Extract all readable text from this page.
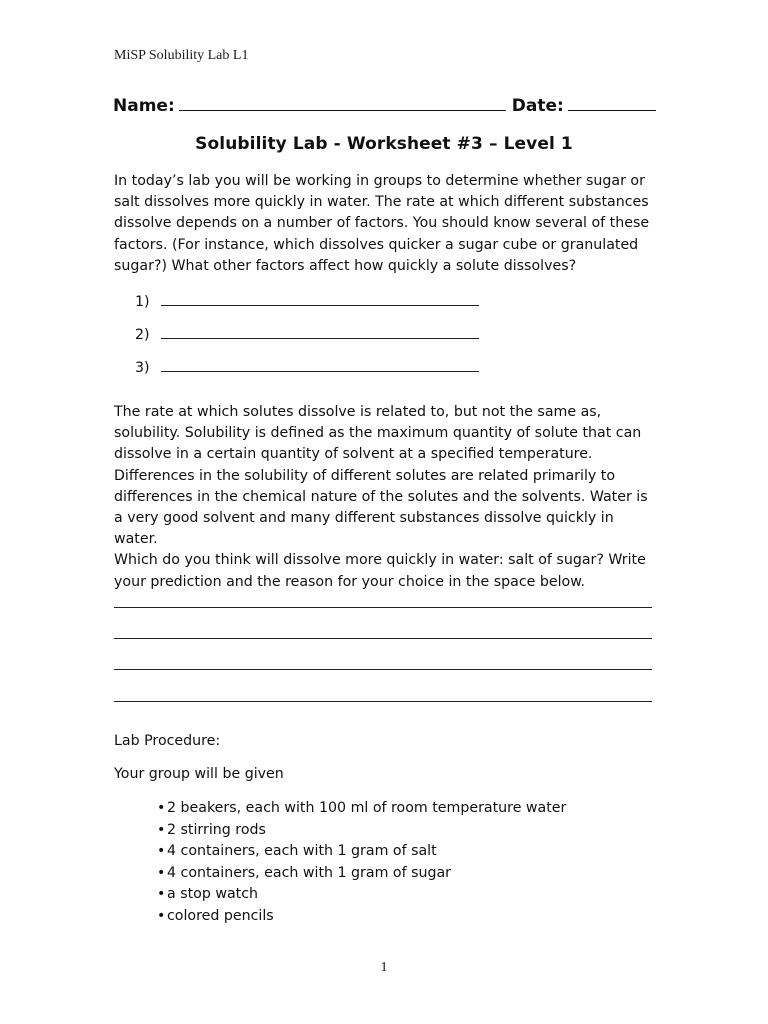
MiSP Solubility Lab L1
Name:	Date:
Solubility Lab - Worksheet #3 – Level 1
In today’s lab you will be working in groups to determine whether sugar or
salt dissolves more quickly in water. The rate at which different substances
dissolve depends on a number of factors. You should know several of these
factors. (For instance, which dissolves quicker a sugar cube or granulated
sugar?) What other factors affect how quickly a solute dissolves?
1)
2)
3)
The rate at which solutes dissolve is related to, but not the same as,
solubility. Solubility is defined as the maximum quantity of solute that can
dissolve in a certain quantity of solvent at a specified temperature.
Differences in the solubility of different solutes are related primarily to
differences in the chemical nature of the solutes and the solvents. Water is
a very good solvent and many different substances dissolve quickly in water.
Which do you think will dissolve more quickly in water: salt of sugar? Write
your prediction and the reason for your choice in the space below.
Lab Procedure:
Your group will be given
• 2 beakers, each with 100 ml of room temperature water
• 2 stirring rods
• 4 containers, each with 1 gram of salt
• 4 containers, each with 1 gram of sugar
• a stop watch
• colored pencils
1
